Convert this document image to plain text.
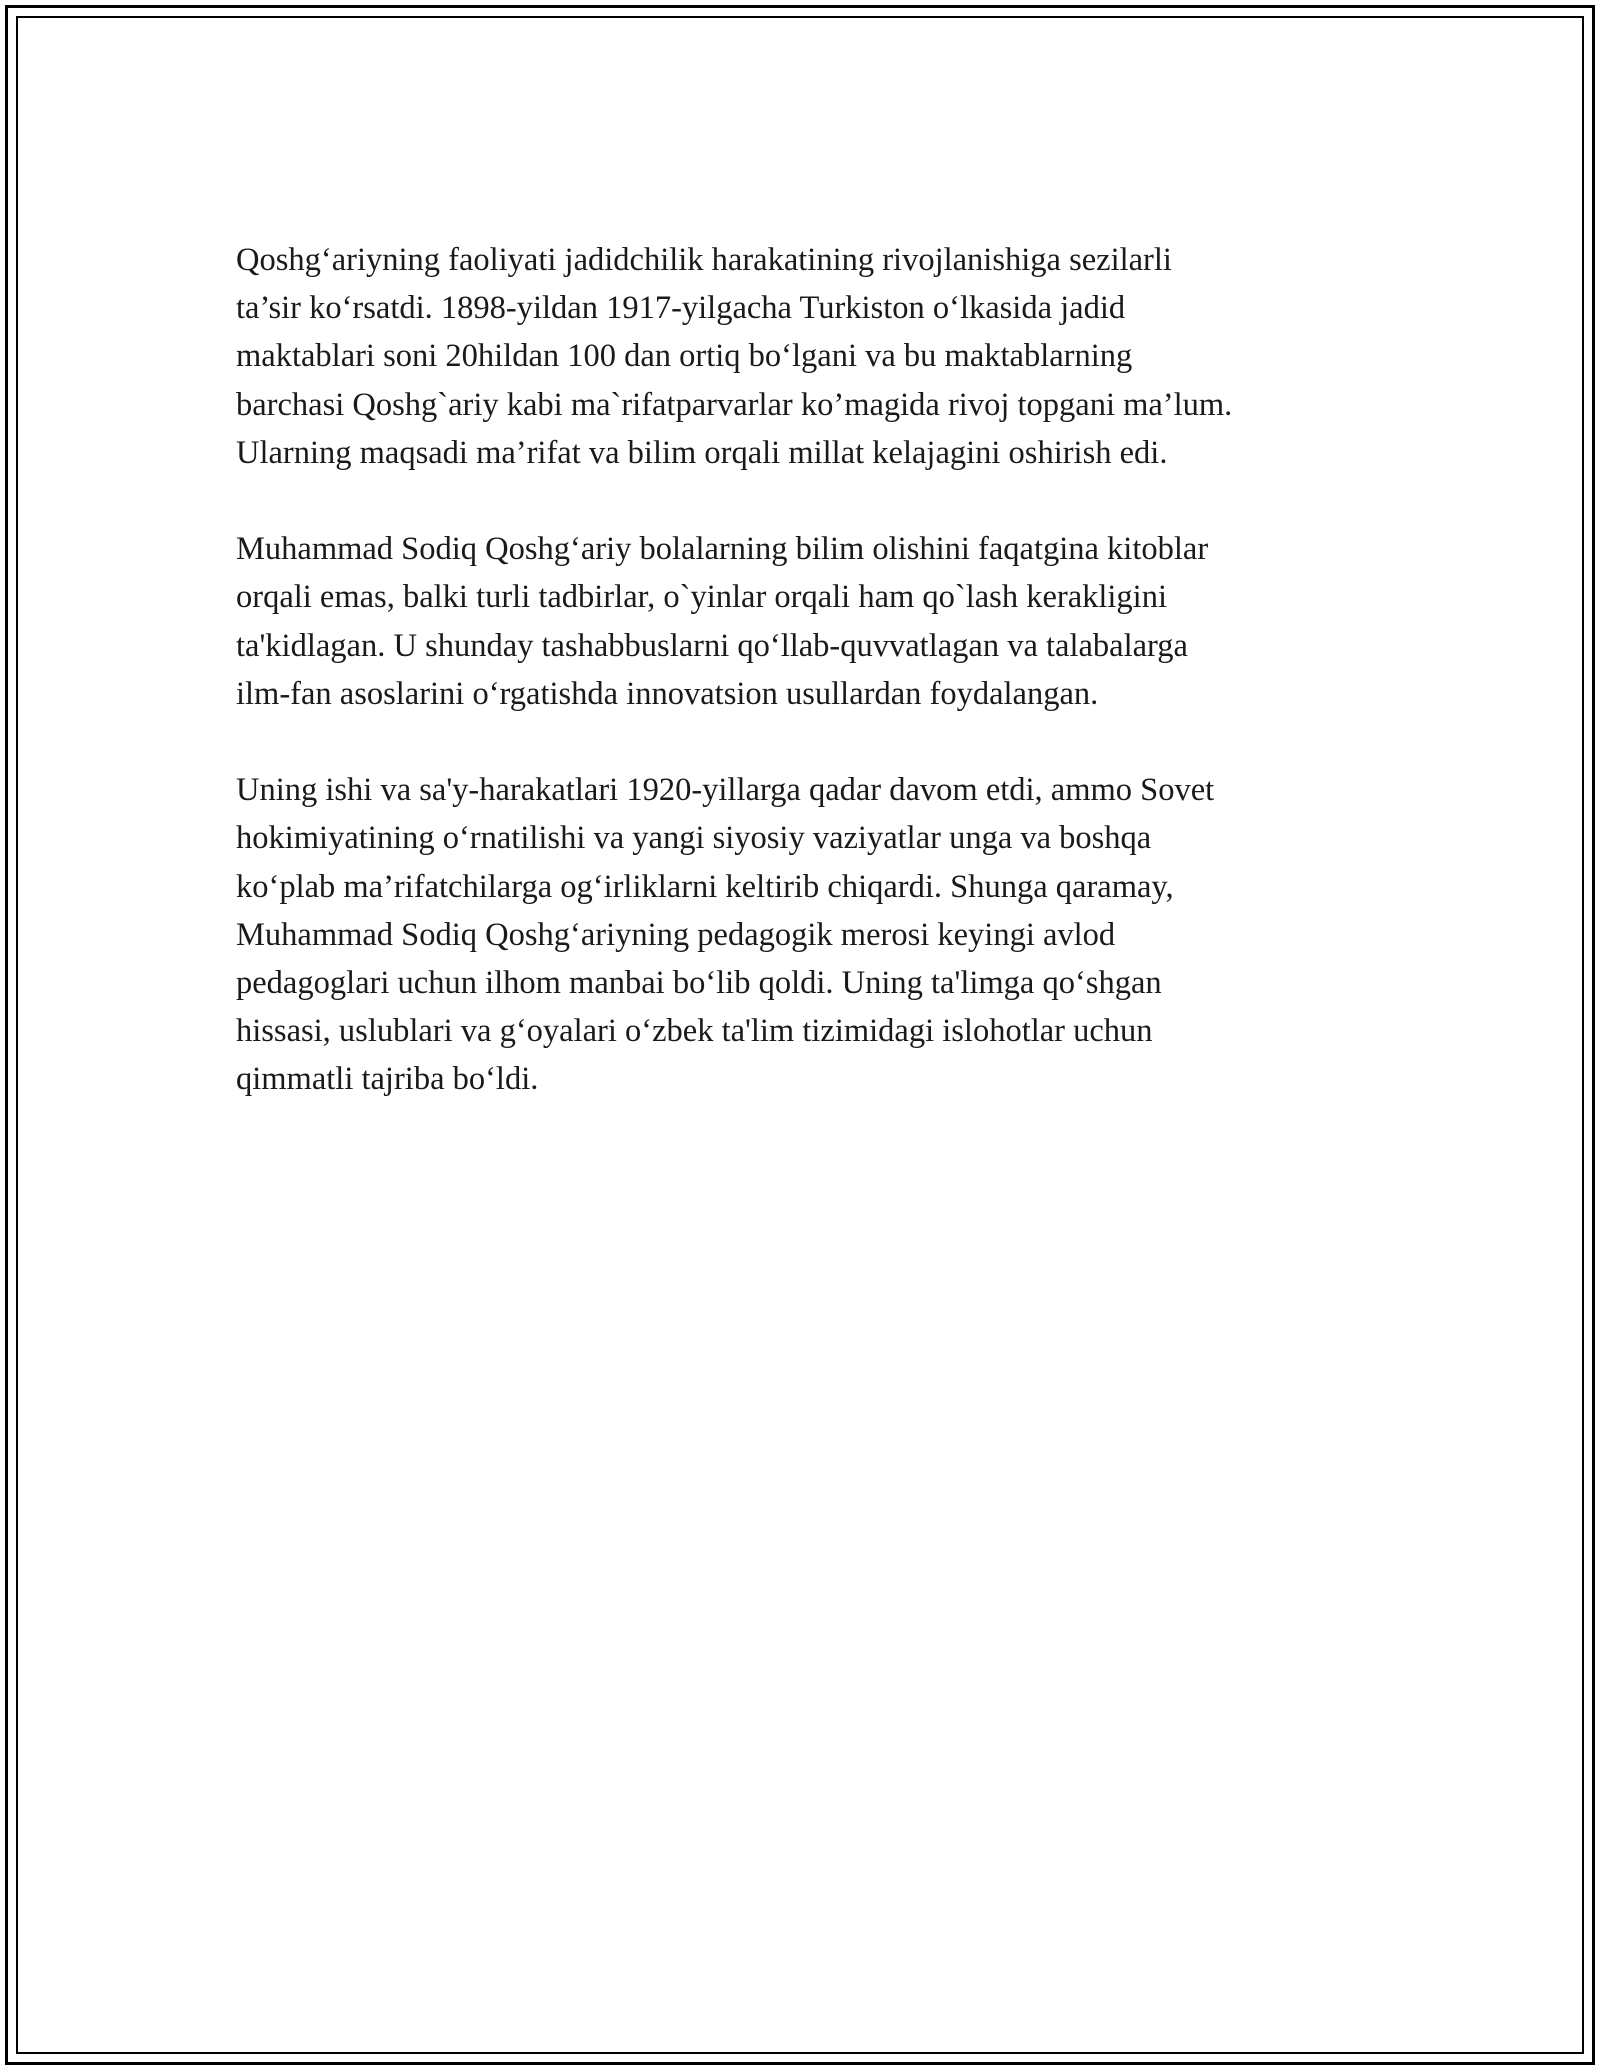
Qoshg‘ariyning faoliyati jadidchilik harakatining rivojlanishiga sezilarli
ta’sir ko‘rsatdi. 1898-yildan 1917-yilgacha Turkiston o‘lkasida jadid
maktablari soni 20hildan 100 dan ortiq bo‘lgani va bu maktablarning
barchasi Qoshg`ariy kabi ma`rifatparvarlar ko’magida rivoj topgani ma’lum.
Ularning maqsadi ma’rifat va bilim orqali millat kelajagini oshirish edi.

Muhammad Sodiq Qoshg‘ariy bolalarning bilim olishini faqatgina kitoblar
orqali emas, balki turli tadbirlar, o`yinlar orqali ham qo`lash kerakligini
ta'kidlagan. U shunday tashabbuslarni qo‘llab-quvvatlagan va talabalarga
ilm-fan asoslarini o‘rgatishda innovatsion usullardan foydalangan.

Uning ishi va sa'y-harakatlari 1920-yillarga qadar davom etdi, ammo Sovet
hokimiyatining o‘rnatilishi va yangi siyosiy vaziyatlar unga va boshqa
ko‘plab ma’rifatchilarga og‘irliklarni keltirib chiqardi. Shunga qaramay,
Muhammad Sodiq Qoshg‘ariyning pedagogik merosi keyingi avlod
pedagoglari uchun ilhom manbai bo‘lib qoldi. Uning ta'limga qo‘shgan
hissasi, uslublari va g‘oyalari o‘zbek ta'lim tizimidagi islohotlar uchun
qimmatli tajriba bo‘ldi.
